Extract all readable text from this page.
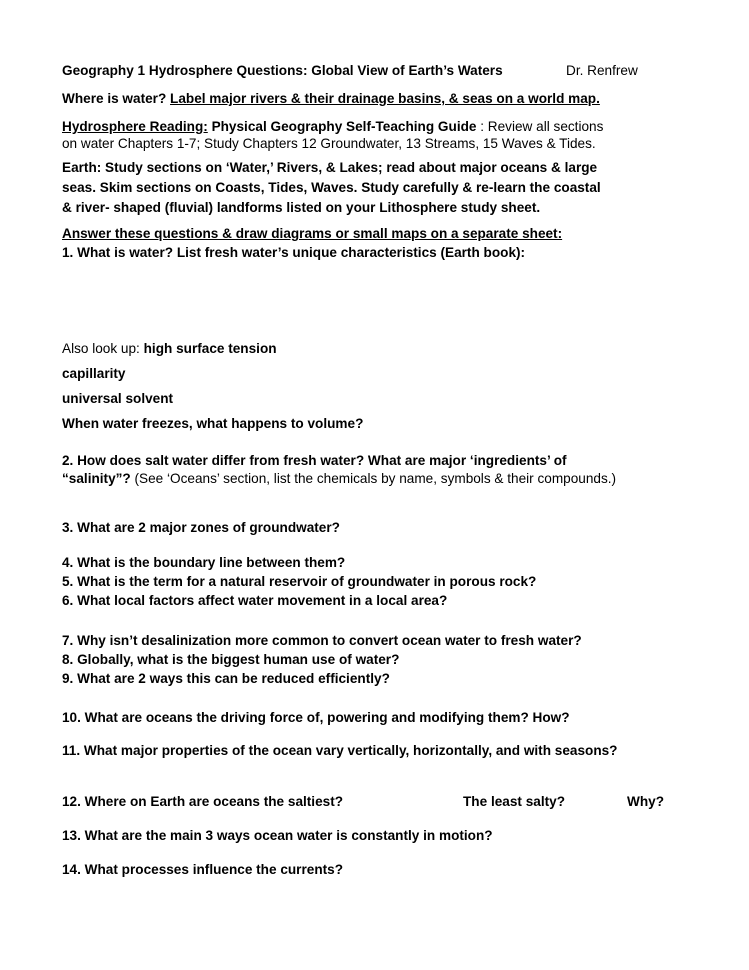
Geography 1 Hydrosphere Questions: Global View of Earth’s Waters	Dr. Renfrew
Where is water? Label major rivers & their drainage basins, & seas on a world map.
Hydrosphere Reading: Physical Geography Self-Teaching Guide : Review all sections
on water Chapters 1-7; Study Chapters 12 Groundwater, 13 Streams, 15 Waves & Tides.
Earth: Study sections on ‘Water,’ Rivers, & Lakes; read about major oceans & large
seas. Skim sections on Coasts, Tides, Waves. Study carefully & re-learn the coastal
& river- shaped (fluvial) landforms listed on your Lithosphere study sheet.
Answer these questions & draw diagrams or small maps on a separate sheet:
1. What is water? List fresh water’s unique characteristics (Earth book):
Also look up: high surface tension
capillarity
universal solvent
When water freezes, what happens to volume?
2. How does salt water differ from fresh water? What are major ‘ingredients’ of
“salinity”? (See ‘Oceans’ section, list the chemicals by name, symbols & their compounds.)
3. What are 2 major zones of groundwater?
4. What is the boundary line between them?
5. What is the term for a natural reservoir of groundwater in porous rock?
6. What local factors affect water movement in a local area?
7. Why isn’t desalinization more common to convert ocean water to fresh water?
8. Globally, what is the biggest human use of water?
9. What are 2 ways this can be reduced efficiently?
10. What are oceans the driving force of, powering and modifying them? How?
11. What major properties of the ocean vary vertically, horizontally, and with seasons?
12. Where on Earth are oceans the saltiest?	The least salty?	Why?
13. What are the main 3 ways ocean water is constantly in motion?
14. What processes influence the currents?
